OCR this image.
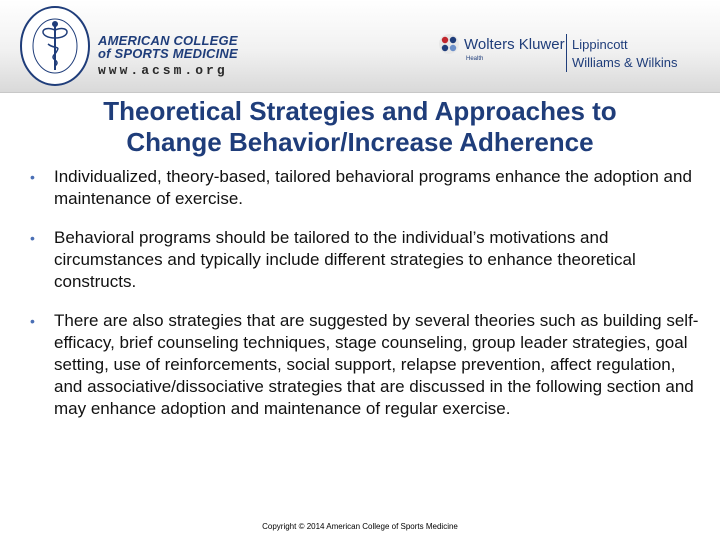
AMERICAN COLLEGE
of SPORTS MEDICINE
www.acsm.org
Wolters Kluwer
Health
Lippincott
Williams & Wilkins
Theoretical Strategies and Approaches to
Change Behavior/Increase Adherence
• Individualized, theory-based, tailored behavioral programs enhance the adoption and maintenance of exercise.
• Behavioral programs should be tailored to the individual’s motivations and circumstances and typically include different strategies to enhance theoretical constructs.
• There are also strategies that are suggested by several theories such as building self-efficacy, brief counseling techniques, stage counseling, group leader strategies, goal setting, use of reinforcements, social support, relapse prevention, affect regulation, and associative/dissociative strategies that are discussed in the following section and may enhance adoption and maintenance of regular exercise.
Copyright © 2014 American College of Sports Medicine
